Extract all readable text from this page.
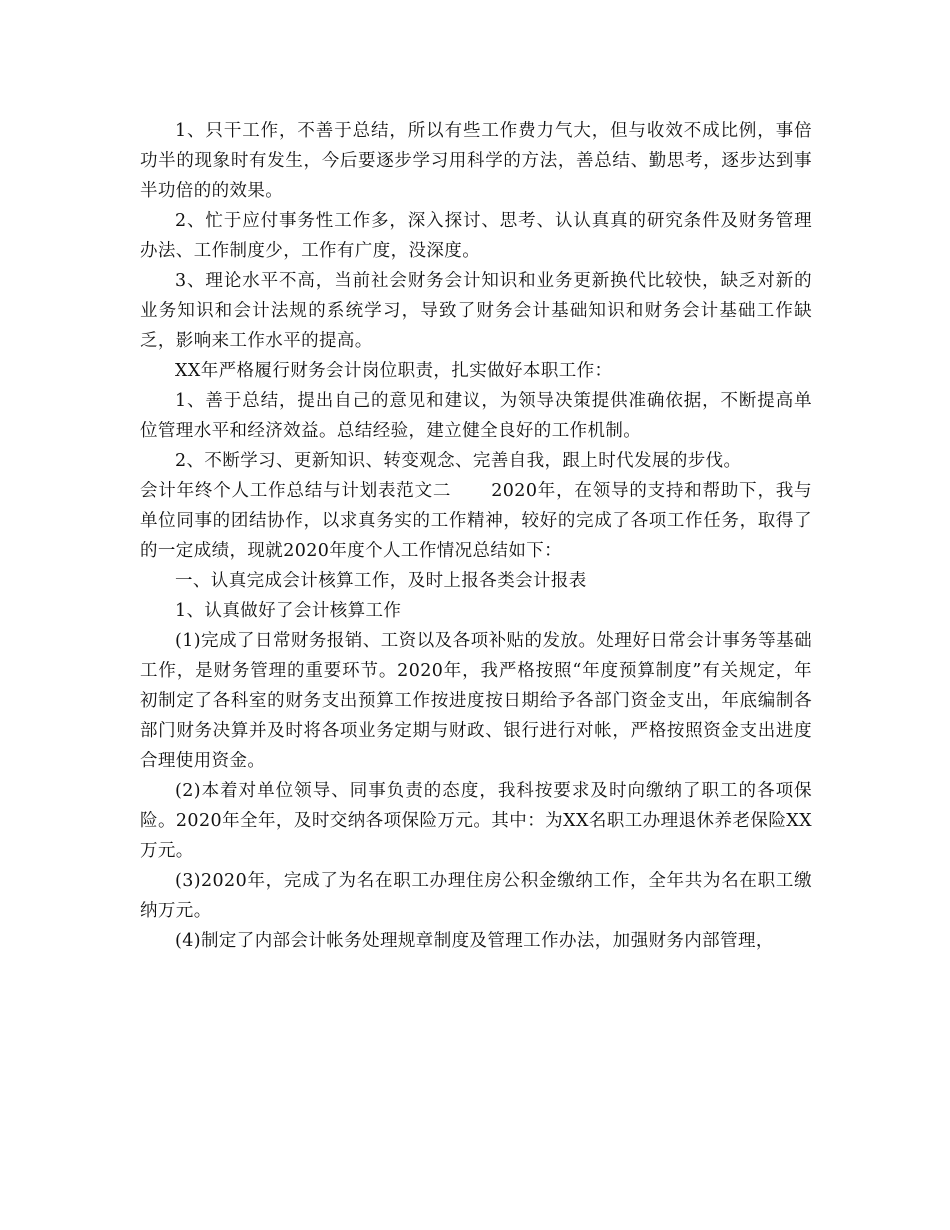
1、只干工作，不善于总结，所以有些工作费力气大，但与收效不成比例，事倍功半的现象时有发生，今后要逐步学习用科学的方法，善总结、勤思考，逐步达到事半功倍的的效果。

2、忙于应付事务性工作多，深入探讨、思考、认认真真的研究条件及财务管理办法、工作制度少，工作有广度，没深度。

3、理论水平不高，当前社会财务会计知识和业务更新换代比较快，缺乏对新的业务知识和会计法规的系统学习，导致了财务会计基础知识和财务会计基础工作缺乏，影响来工作水平的提高。

XX年严格履行财务会计岗位职责，扎实做好本职工作：

1、善于总结，提出自己的意见和建议，为领导决策提供准确依据，不断提高单位管理水平和经济效益。总结经验，建立健全良好的工作机制。

2、不断学习、更新知识、转变观念、完善自我，跟上时代发展的步伐。

会计年终个人工作总结与计划表范文二 2020年，在领导的支持和帮助下，我与单位同事的团结协作，以求真务实的工作精神，较好的完成了各项工作任务，取得了的一定成绩，现就2020年度个人工作情况总结如下：

一、认真完成会计核算工作，及时上报各类会计报表

1、认真做好了会计核算工作

(1)完成了日常财务报销、工资以及各项补贴的发放。处理好日常会计事务等基础工作，是财务管理的重要环节。2020年，我严格按照“年度预算制度”有关规定，年初制定了各科室的财务支出预算工作按进度按日期给予各部门资金支出，年底编制各部门财务决算并及时将各项业务定期与财政、银行进行对帐，严格按照资金支出进度合理使用资金。

(2)本着对单位领导、同事负责的态度，我科按要求及时向缴纳了职工的各项保险。2020年全年，及时交纳各项保险万元。其中：为XX名职工办理退休养老保险XX万元。

(3)2020年，完成了为名在职工办理住房公积金缴纳工作，全年共为名在职工缴纳万元。

(4)制定了内部会计帐务处理规章制度及管理工作办法，加强财务内部管理，
